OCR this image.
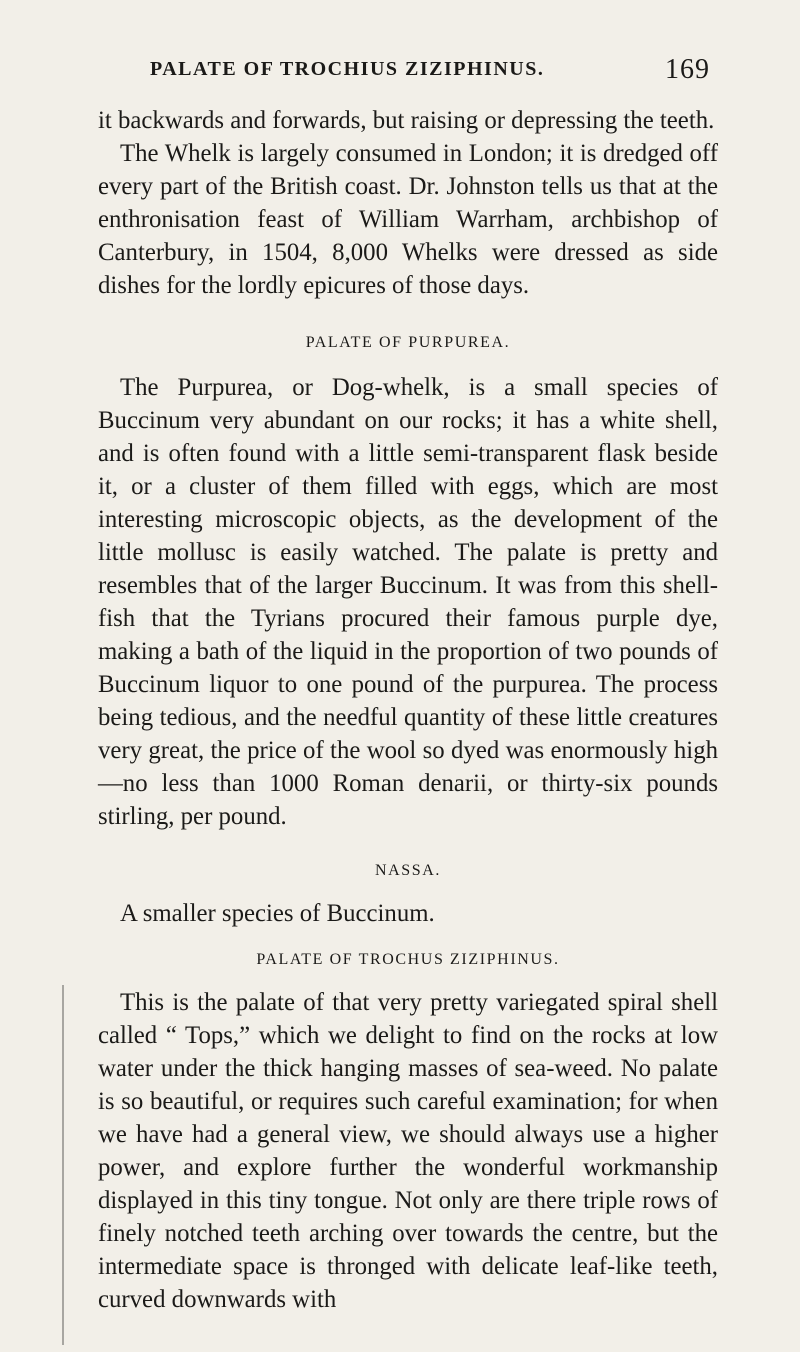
PALATE OF TROCHIUS ZIZIPHINUS.	169

it backwards and forwards, but raising or depressing the teeth.

The Whelk is largely consumed in London; it is dredged off every part of the British coast. Dr. Johnston tells us that at the enthronisation feast of William Warrham, archbishop of Canterbury, in 1504, 8,000 Whelks were dressed as side dishes for the lordly epicures of those days.

PALATE OF PURPUREA.

The Purpurea, or Dog-whelk, is a small species of Buccinum very abundant on our rocks; it has a white shell, and is often found with a little semi-transparent flask beside it, or a cluster of them filled with eggs, which are most interesting microscopic objects, as the development of the little mollusc is easily watched. The palate is pretty and resembles that of the larger Buccinum. It was from this shell-fish that the Tyrians procured their famous purple dye, making a bath of the liquid in the proportion of two pounds of Buccinum liquor to one pound of the purpurea. The process being tedious, and the needful quantity of these little creatures very great, the price of the wool so dyed was enormously high—no less than 1000 Roman denarii, or thirty-six pounds stirling, per pound.

NASSA.

A smaller species of Buccinum.

PALATE OF TROCHUS ZIZIPHINUS.

This is the palate of that very pretty variegated spiral shell called “ Tops,” which we delight to find on the rocks at low water under the thick hanging masses of sea-weed. No palate is so beautiful, or requires such careful examination; for when we have had a general view, we should always use a higher power, and explore further the wonderful workmanship displayed in this tiny tongue. Not only are there triple rows of finely notched teeth arching over towards the centre, but the intermediate space is thronged with delicate leaf-like teeth, curved downwards with
